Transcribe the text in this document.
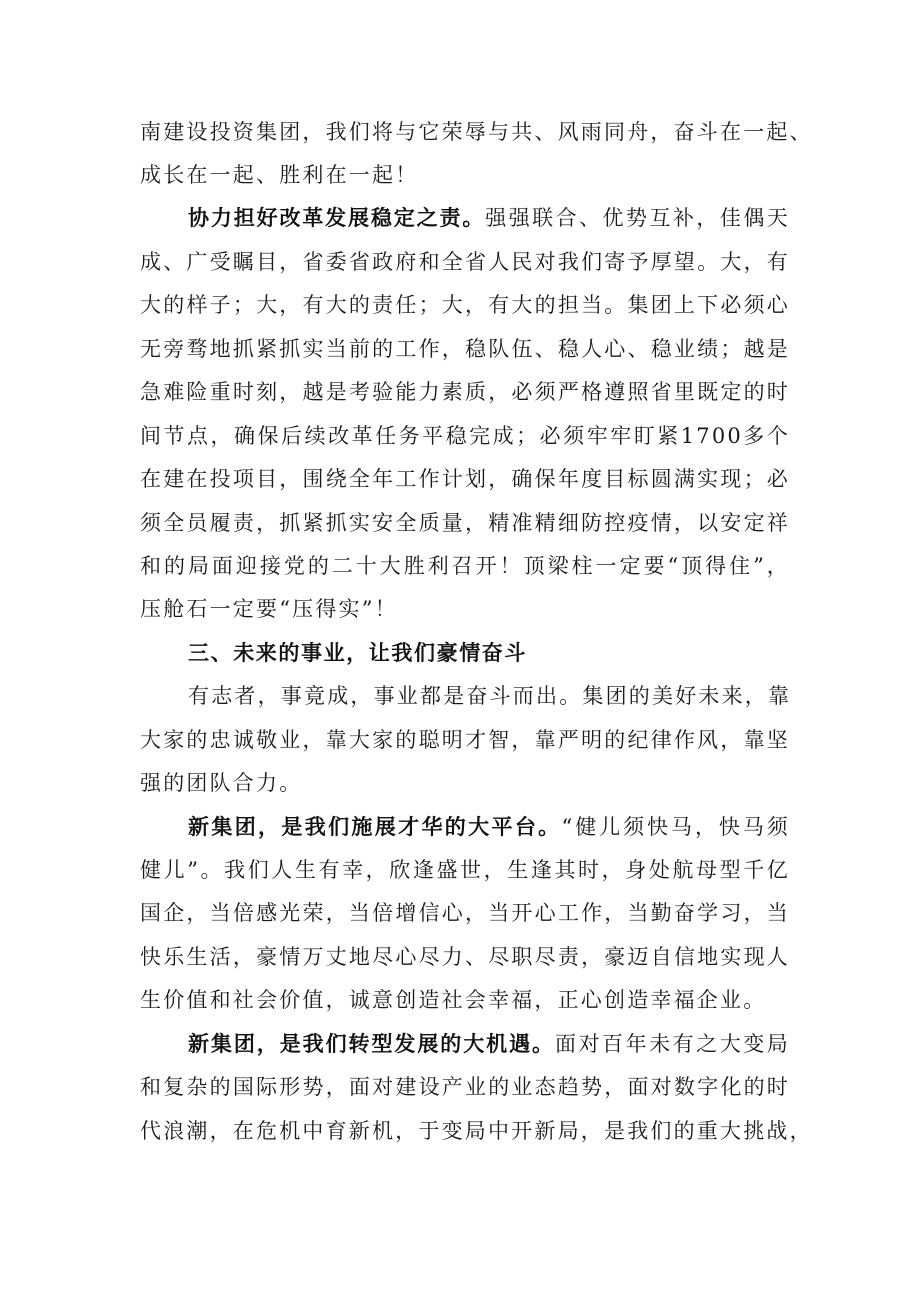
南建设投资集团，我们将与它荣辱与共、风雨同舟，奋斗在一起、
成长在一起、胜利在一起！
协力担好改革发展稳定之责。强强联合、优势互补，佳偶天
成、广受瞩目，省委省政府和全省人民对我们寄予厚望。大，有
大的样子；大，有大的责任；大，有大的担当。集团上下必须心
无旁骛地抓紧抓实当前的工作，稳队伍、稳人心、稳业绩；越是
急难险重时刻，越是考验能力素质，必须严格遵照省里既定的时
间节点，确保后续改革任务平稳完成；必须牢牢盯紧1700多个
在建在投项目，围绕全年工作计划，确保年度目标圆满实现；必
须全员履责，抓紧抓实安全质量，精准精细防控疫情，以安定祥
和的局面迎接党的二十大胜利召开！顶梁柱一定要“顶得住”，
压舱石一定要“压得实”！
三、未来的事业，让我们豪情奋斗
有志者，事竟成，事业都是奋斗而出。集团的美好未来，靠
大家的忠诚敬业，靠大家的聪明才智，靠严明的纪律作风，靠坚
强的团队合力。
新集团，是我们施展才华的大平台。“健儿须快马，快马须
健儿”。我们人生有幸，欣逢盛世，生逢其时，身处航母型千亿
国企，当倍感光荣，当倍增信心，当开心工作，当勤奋学习，当
快乐生活，豪情万丈地尽心尽力、尽职尽责，豪迈自信地实现人
生价值和社会价值，诚意创造社会幸福，正心创造幸福企业。
新集团，是我们转型发展的大机遇。面对百年未有之大变局
和复杂的国际形势，面对建设产业的业态趋势，面对数字化的时
代浪潮，在危机中育新机，于变局中开新局，是我们的重大挑战，
